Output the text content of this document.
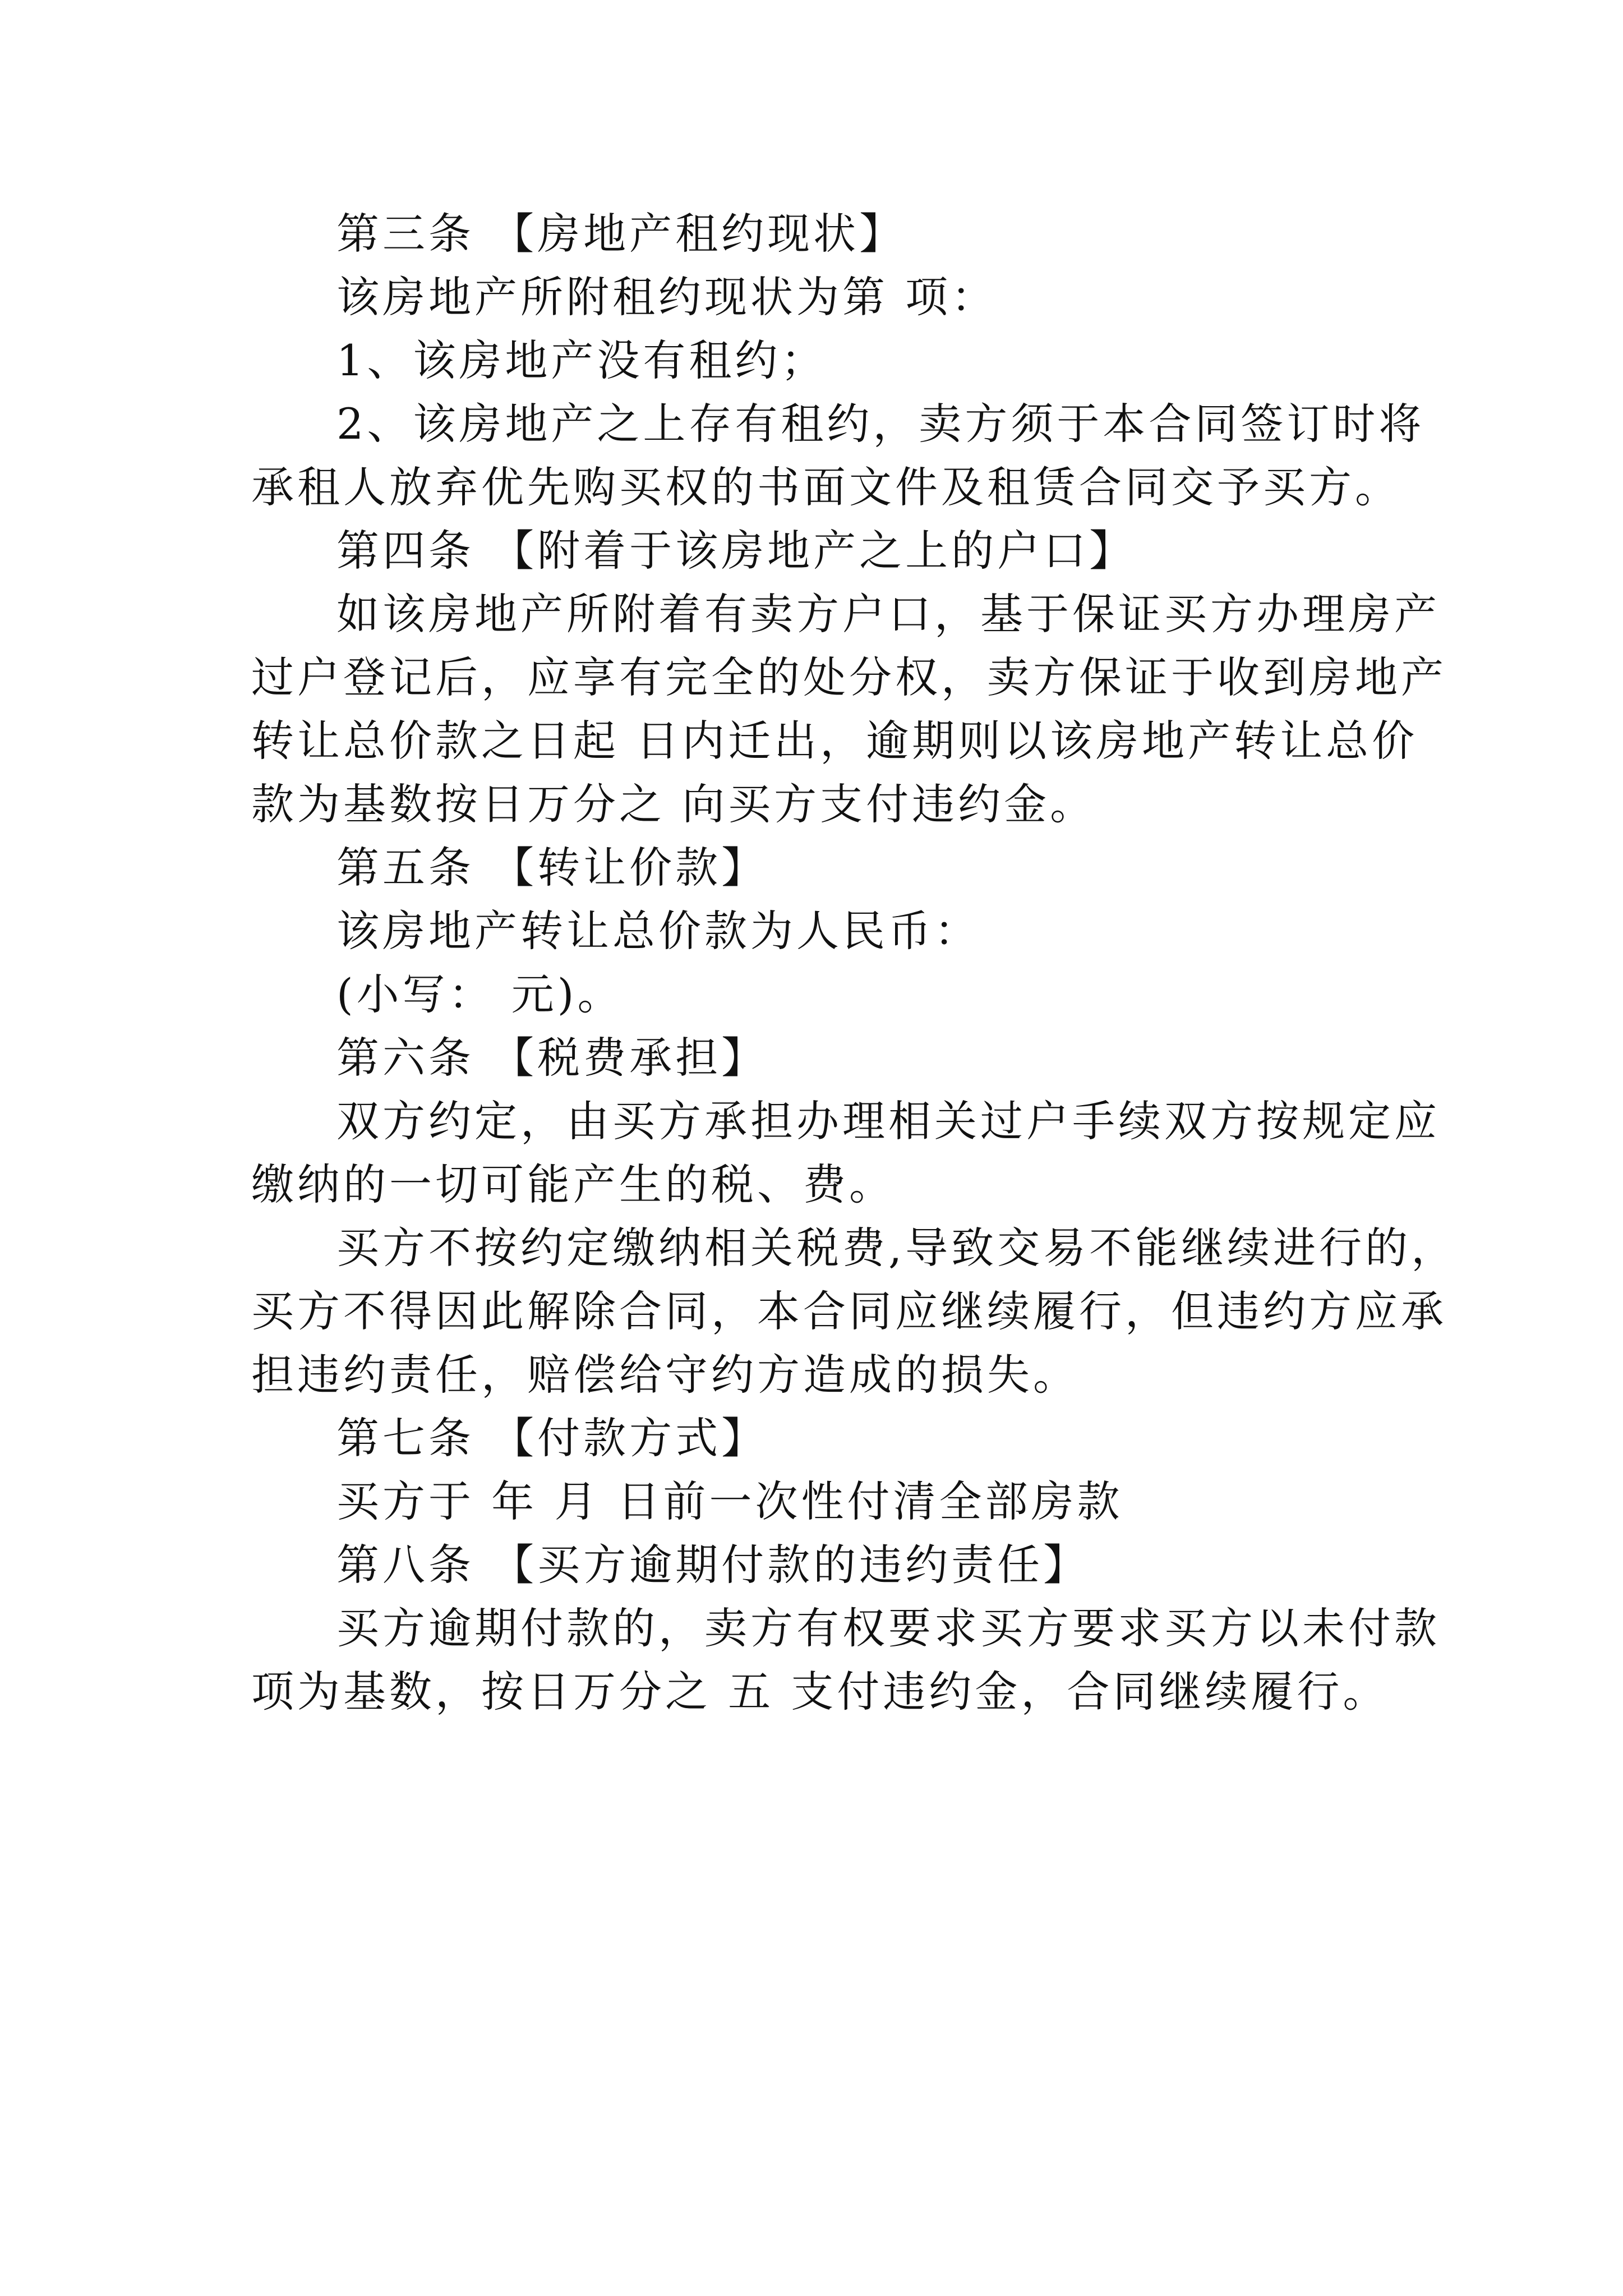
第三条 【房地产租约现状】

该房地产所附租约现状为第 项：

1、该房地产没有租约；

2、该房地产之上存有租约，卖方须于本合同签订时将

承租人放弃优先购买权的书面文件及租赁合同交予买方。

第四条 【附着于该房地产之上的户口】

如该房地产所附着有卖方户口，基于保证买方办理房产

过户登记后，应享有完全的处分权，卖方保证于收到房地产

转让总价款之日起 日内迁出，逾期则以该房地产转让总价

款为基数按日万分之 向买方支付违约金。

第五条 【转让价款】

该房地产转让总价款为人民币：

(小写： 元)。

第六条 【税费承担】

双方约定，由买方承担办理相关过户手续双方按规定应

缴纳的一切可能产生的税、费。

买方不按约定缴纳相关税费,导致交易不能继续进行的，

买方不得因此解除合同，本合同应继续履行，但违约方应承

担违约责任，赔偿给守约方造成的损失。

第七条 【付款方式】

买方于 年 月 日前一次性付清全部房款

第八条 【买方逾期付款的违约责任】

买方逾期付款的，卖方有权要求买方要求买方以未付款

项为基数，按日万分之 五 支付违约金，合同继续履行。
